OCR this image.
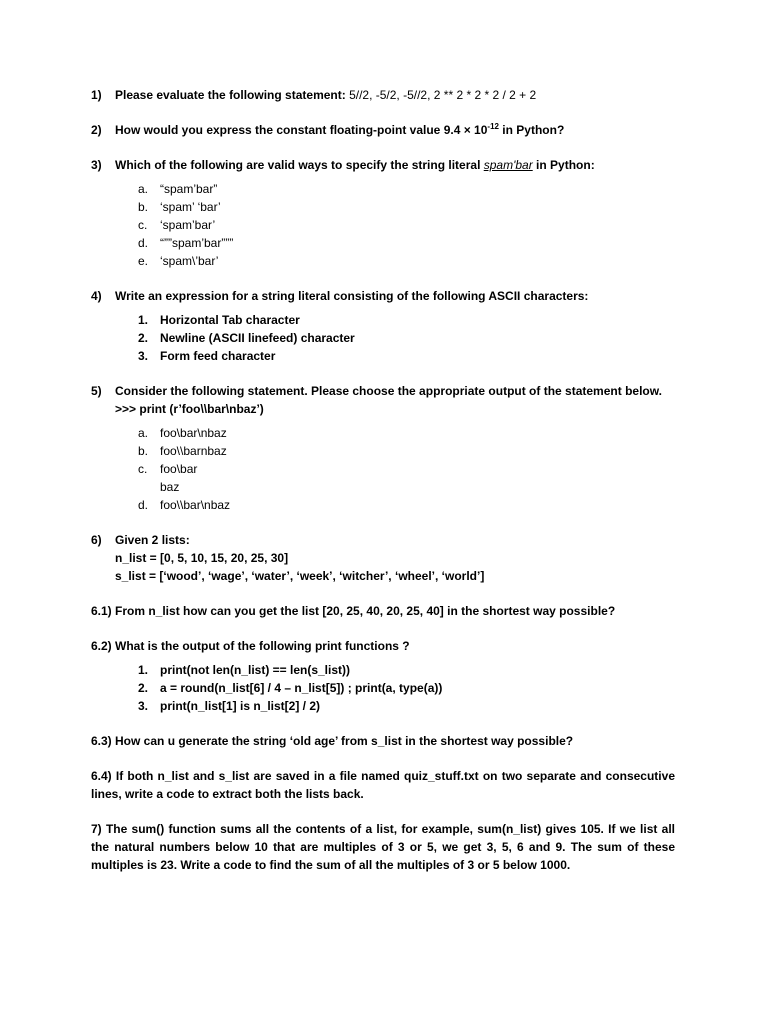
1)	Please evaluate the following statement: 5//2, -5/2, -5//2, 2 ** 2 * 2 * 2 / 2 + 2
2)	How would you express the constant floating-point value $9.4 \times 10^{-12}$ in Python?
3)	Which of the following are valid ways to specify the string literal spam'bar in Python:
a. “spam’bar”
b. ‘spam’ ‘bar’
c.	‘spam’bar’
d. “””spam’bar”””
e. ‘spam\’bar’
4)	Write an expression for a string literal consisting of the following ASCII characters:
1. Horizontal Tab character
2. Newline (ASCII linefeed) character
3. Form feed character
5)	Consider the following statement. Please choose the appropriate output of the statement below.
>>> print (r’foo\\bar\nbaz’)
a. foo\bar\nbaz
b. foo\\barnbaz
c.	foo\bar
baz
d. foo\\bar\nbaz
6)	Given 2 lists:
n_list = [0, 5, 10, 15, 20, 25, 30]
s_list = [‘wood’, ‘wage’, ‘water’, ‘week’, ‘witcher’, ‘wheel’, ‘world’]
6.1) From n_list how can you get the list [20, 25, 40, 20, 25, 40] in the shortest way possible?
6.2) What is the output of the following print functions ?
1. print(not len(n_list) == len(s_list))
2. a = round(n_list[6] / 4 – n_list[5]) ; print(a, type(a))
3. print(n_list[1] is n_list[2] / 2)
6.3) How can u generate the string ‘old age’ from s_list in the shortest way possible?
6.4) If both n_list and s_list are saved in a file named quiz_stuff.txt on two separate and consecutive lines, write a code to extract both the lists back.
7) The sum() function sums all the contents of a list, for example, sum(n_list) gives 105. If we list all the natural numbers below 10 that are multiples of 3 or 5, we get 3, 5, 6 and 9. The sum of these multiples is 23. Write a code to find the sum of all the multiples of 3 or 5 below 1000.
